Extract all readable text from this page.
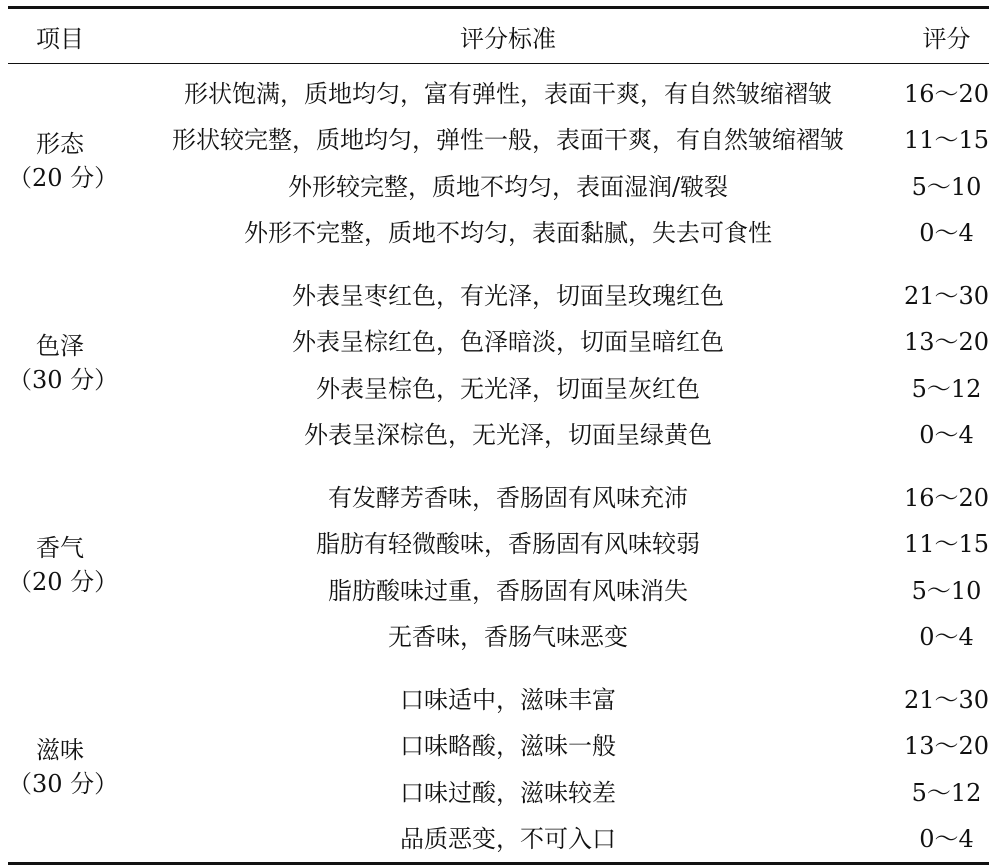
项目	评分标准	评分
形态
（20 分）
形状饱满，质地均匀，富有弹性，表面干爽，有自然皱缩褶皱	16～20
形状较完整，质地均匀，弹性一般，表面干爽，有自然皱缩褶皱	11～15
外形较完整，质地不均匀，表面湿润/皲裂	5～10
外形不完整，质地不均匀，表面黏腻，失去可食性	0～4
色泽
（30 分）
外表呈枣红色，有光泽，切面呈玫瑰红色	21～30
外表呈棕红色，色泽暗淡，切面呈暗红色	13～20
外表呈棕色，无光泽，切面呈灰红色	5～12
外表呈深棕色，无光泽，切面呈绿黄色	0～4
香气
（20 分）
有发酵芳香味，香肠固有风味充沛	16～20
脂肪有轻微酸味，香肠固有风味较弱	11～15
脂肪酸味过重，香肠固有风味消失	5～10
无香味，香肠气味恶变	0～4
滋味
（30 分）
口味适中，滋味丰富	21～30
口味略酸，滋味一般	13～20
口味过酸，滋味较差	5～12
品质恶变，不可入口	0～4
